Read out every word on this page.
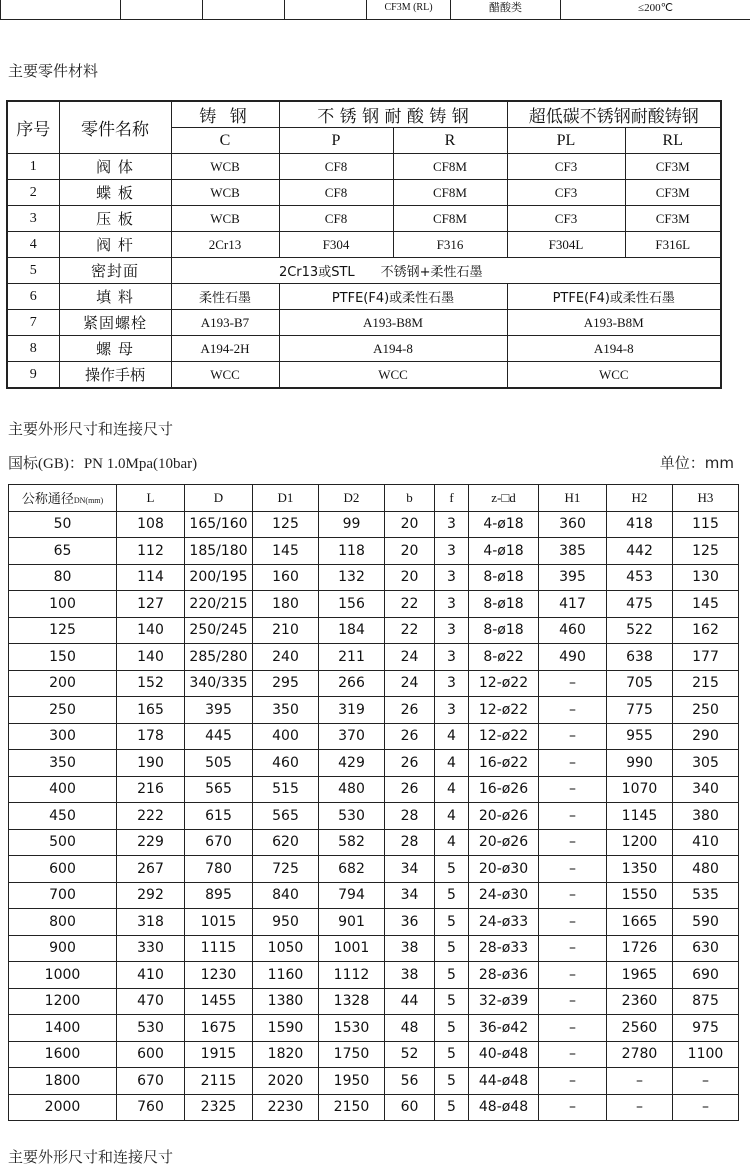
				CF3M (RL)	醋酸类	≤200℃
主要零件材料
序号	零件名称	铸 钢	不 锈 钢 耐 酸 铸 钢		超低碳不锈钢耐酸铸钢	
		C	P	R	PL	RL
1	阀 体	WCB	CF8	CF8M	CF3	CF3M
2	蝶 板	WCB	CF8	CF8M	CF3	CF3M
3	压 板	WCB	CF8	CF8M	CF3	CF3M
4	阀 杆	2Cr13	F304	F316	F304L	F316L
5	密封面	2Cr13或STL　　不锈钢+柔性石墨				
6	填 料	柔性石墨	PTFE(F4)或柔性石墨		PTFE(F4)或柔性石墨	
7	紧固螺栓	A193-B7	A193-B8M		A193-B8M	
8	螺 母	A194-2H	A194-8		A194-8	
9	操作手柄	WCC	WCC		WCC	
主要外形尺寸和连接尺寸
国标(GB)：PN 1.0Mpa(10bar)	单位：mm
公称通径DN(mm)	L	D	D1	D2	b	f	z-□d	H1	H2	H3
50	108	165/160	125	99	20	3	4-ø18	360	418	115
65	112	185/180	145	118	20	3	4-ø18	385	442	125
80	114	200/195	160	132	20	3	8-ø18	395	453	130
100	127	220/215	180	156	22	3	8-ø18	417	475	145
125	140	250/245	210	184	22	3	8-ø18	460	522	162
150	140	285/280	240	211	24	3	8-ø22	490	638	177
200	152	340/335	295	266	24	3	12-ø22	–	705	215
250	165	395	350	319	26	3	12-ø22	–	775	250
300	178	445	400	370	26	4	12-ø22	–	955	290
350	190	505	460	429	26	4	16-ø22	–	990	305
400	216	565	515	480	26	4	16-ø26	–	1070	340
450	222	615	565	530	28	4	20-ø26	–	1145	380
500	229	670	620	582	28	4	20-ø26	–	1200	410
600	267	780	725	682	34	5	20-ø30	–	1350	480
700	292	895	840	794	34	5	24-ø30	–	1550	535
800	318	1015	950	901	36	5	24-ø33	–	1665	590
900	330	1115	1050	1001	38	5	28-ø33	–	1726	630
1000	410	1230	1160	1112	38	5	28-ø36	–	1965	690
1200	470	1455	1380	1328	44	5	32-ø39	–	2360	875
1400	530	1675	1590	1530	48	5	36-ø42	–	2560	975
1600	600	1915	1820	1750	52	5	40-ø48	–	2780	1100
1800	670	2115	2020	1950	56	5	44-ø48	–	–	–
2000	760	2325	2230	2150	60	5	48-ø48	–	–	–
主要外形尺寸和连接尺寸
